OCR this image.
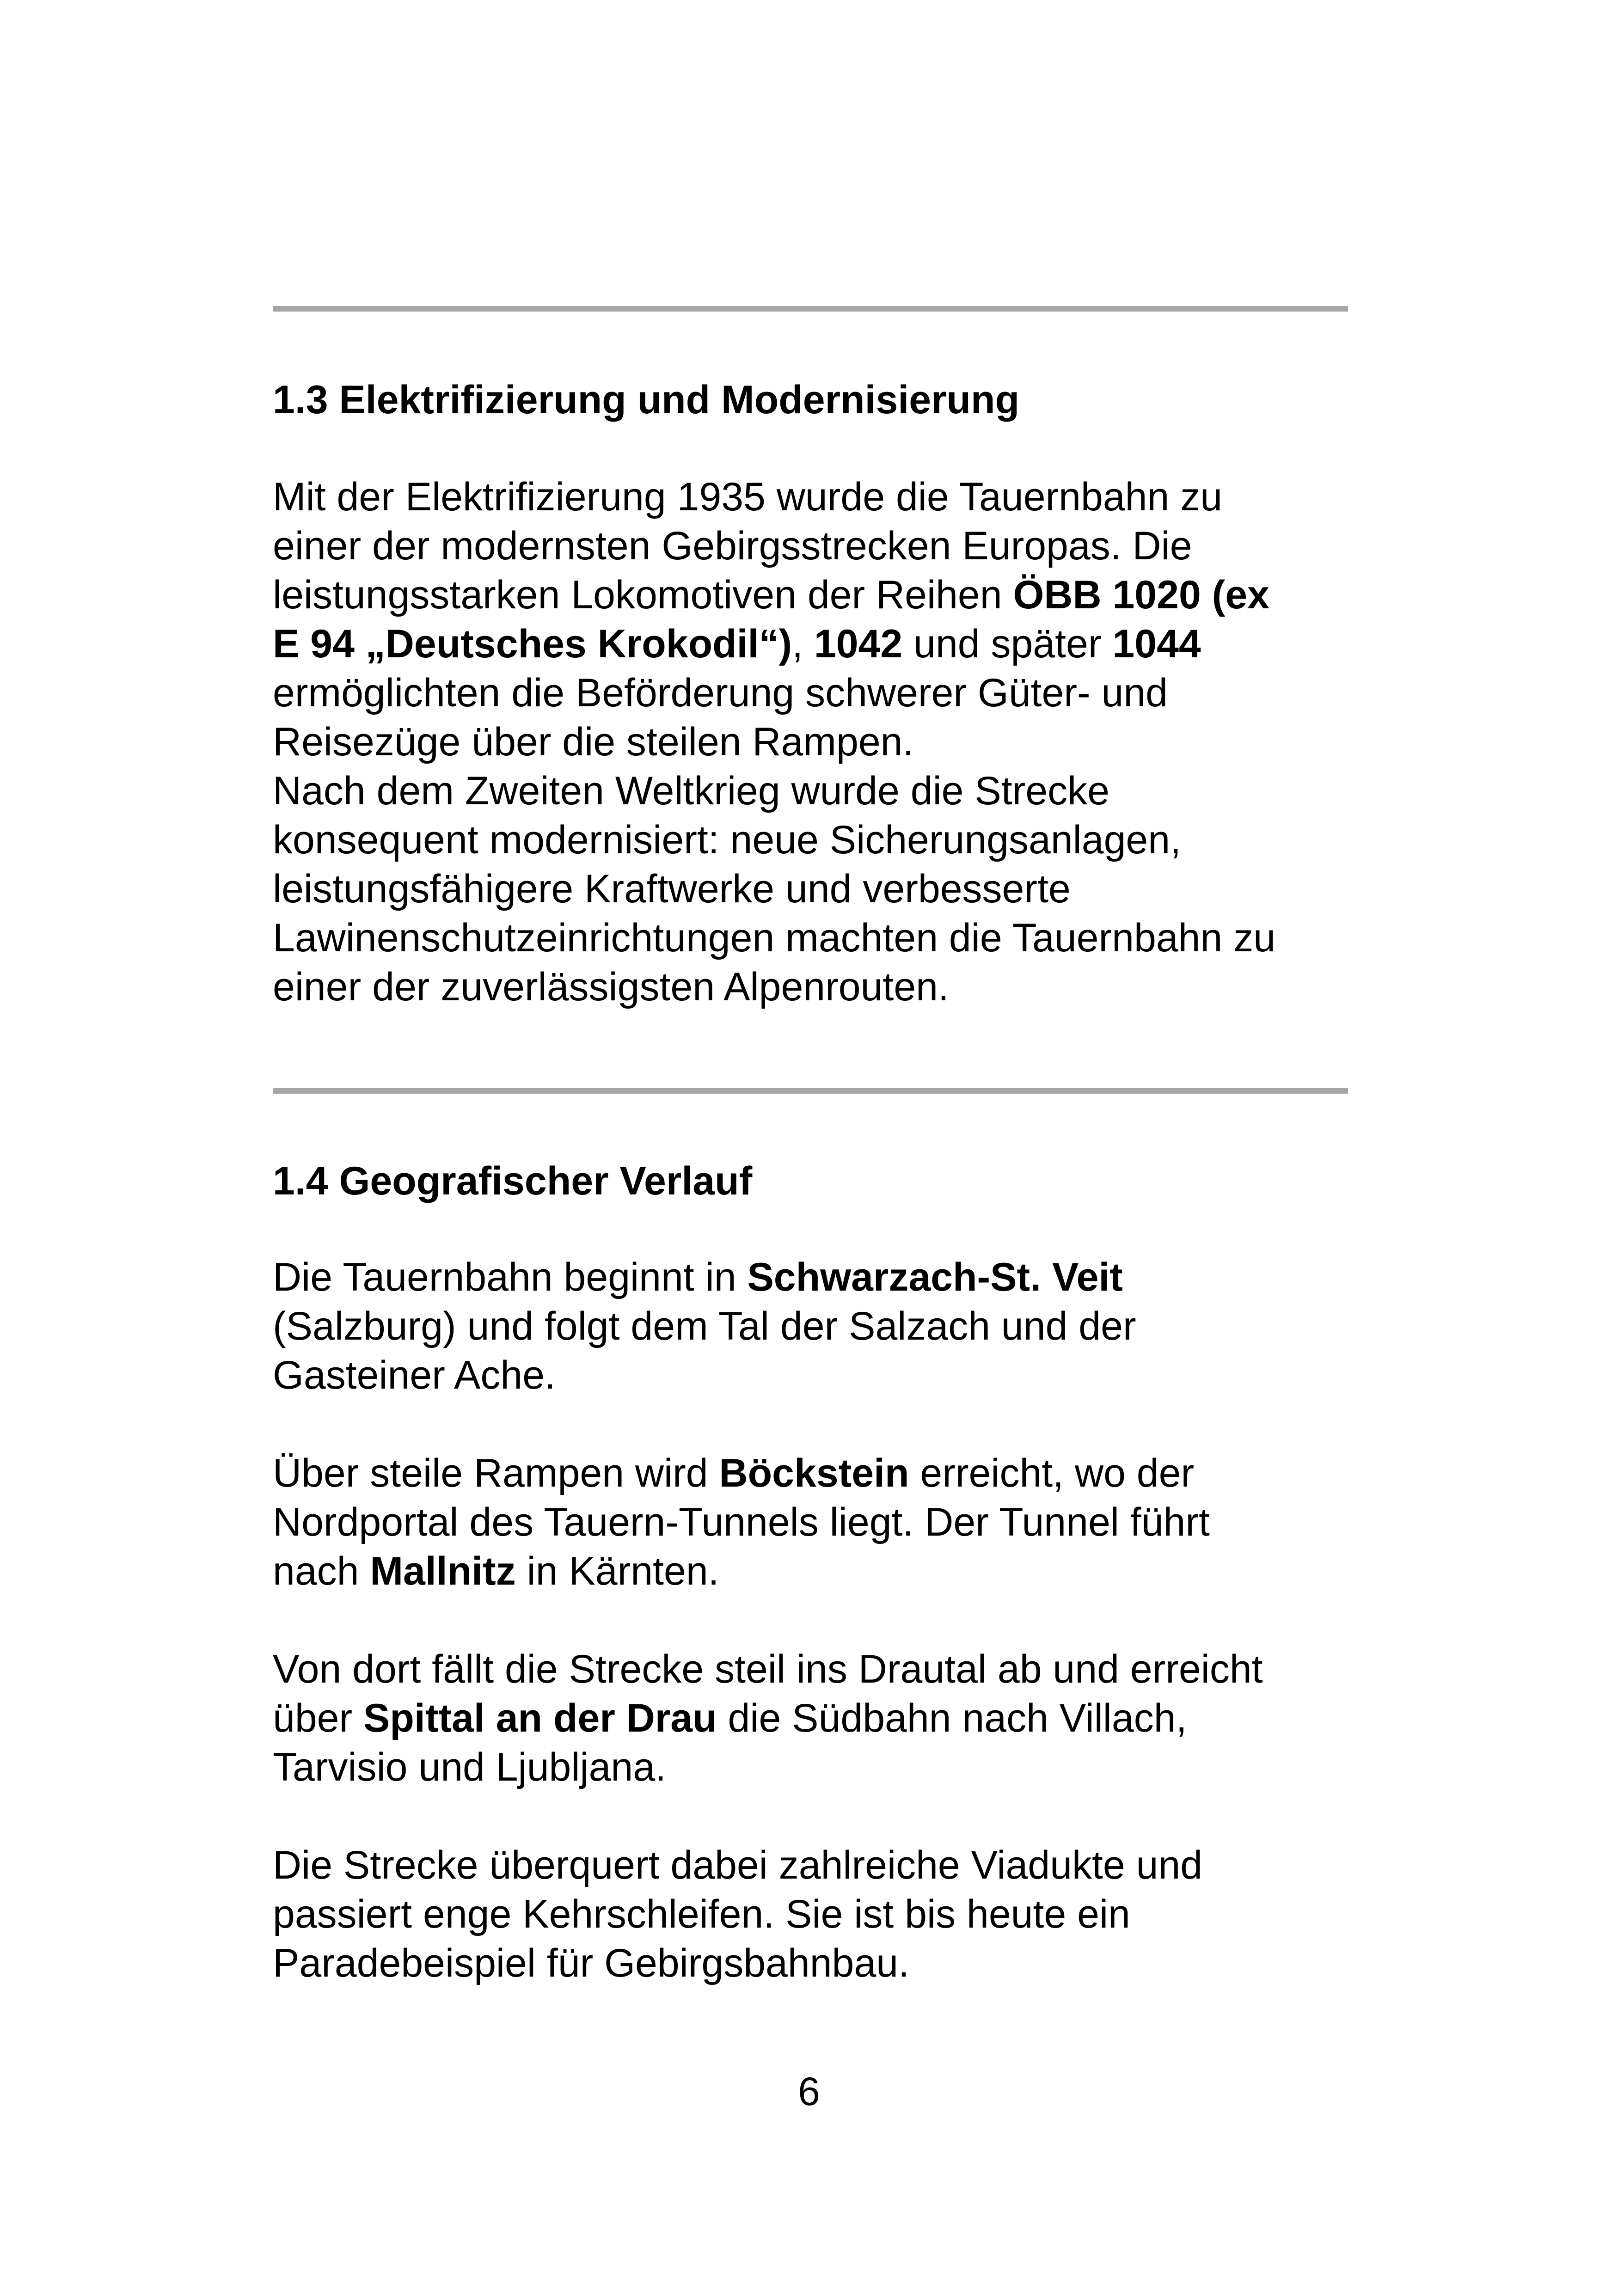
1.3 Elektrifizierung und Modernisierung

Mit der Elektrifizierung 1935 wurde die Tauernbahn zu
einer der modernsten Gebirgsstrecken Europas. Die
leistungsstarken Lokomotiven der Reihen ÖBB 1020 (ex
E 94 „Deutsches Krokodil“), 1042 und später 1044
ermöglichten die Beförderung schwerer Güter- und
Reisezüge über die steilen Rampen.
Nach dem Zweiten Weltkrieg wurde die Strecke
konsequent modernisiert: neue Sicherungsanlagen,
leistungsfähigere Kraftwerke und verbesserte
Lawinenschutzeinrichtungen machten die Tauernbahn zu
einer der zuverlässigsten Alpenrouten.

1.4 Geografischer Verlauf

Die Tauernbahn beginnt in Schwarzach-St. Veit
(Salzburg) und folgt dem Tal der Salzach und der
Gasteiner Ache.

Über steile Rampen wird Böckstein erreicht, wo der
Nordportal des Tauern-Tunnels liegt. Der Tunnel führt
nach Mallnitz in Kärnten.

Von dort fällt die Strecke steil ins Drautal ab und erreicht
über Spittal an der Drau die Südbahn nach Villach,
Tarvisio und Ljubljana.

Die Strecke überquert dabei zahlreiche Viadukte und
passiert enge Kehrschleifen. Sie ist bis heute ein
Paradebeispiel für Gebirgsbahnbau.

6
